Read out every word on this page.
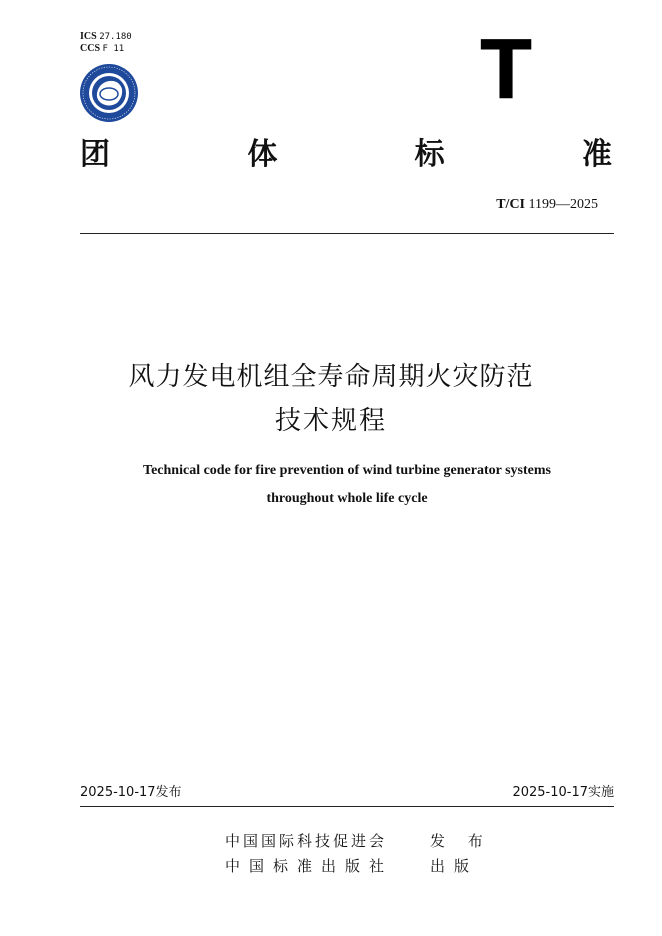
ICS 27.180
CCS F 11	T
团	体	标	准
T/CI 1199—2025
风力发电机组全寿命周期火灾防范
技术规程
Technical code for fire prevention of wind turbine generator systems
throughout whole life cycle
2025-10-17发布	2025-10-17实施
中国国际科技促进会	发 布
中国标准出版社 出版
